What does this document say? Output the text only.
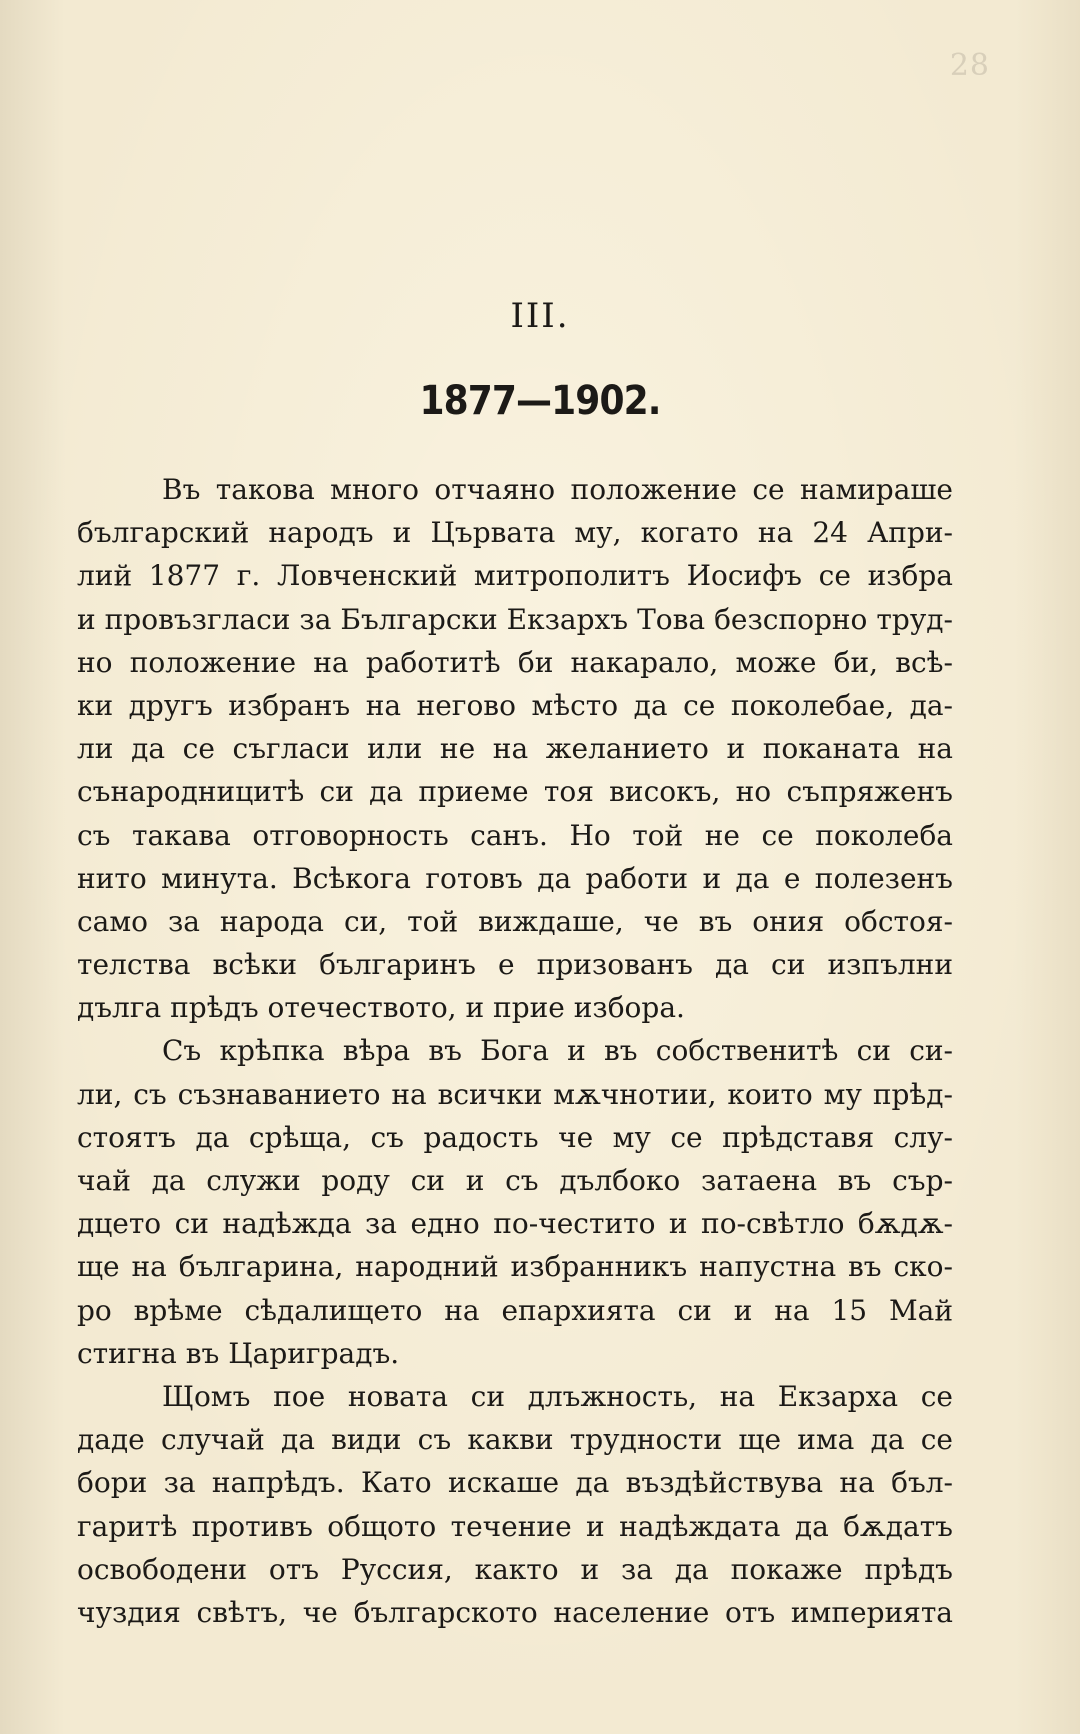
28
III.
1877—1902.
Въ такова много отчаяно положение се намираше
българский народъ и Цървата му, когато на 24 Апри-
лий 1877 г. Ловченский митрополитъ Иосифъ се избра
и провъзгласи за Български Екзархъ Това безспорно труд-
но положение на работитѣ би накарало, може би, всѣ-
ки другъ избранъ на негово мѣсто да се поколебае, да-
ли да се съгласи или не на желанието и поканата на
сънародницитѣ си да приеме тоя високъ, но съпряженъ
съ такава отговорность санъ. Но той не се поколеба
нито минута. Всѣкога готовъ да работи и да е полезенъ
само за народа си, той виждаше, че въ ония обстоя-
телства всѣки българинъ е призованъ да си изпълни
дълга прѣдъ отечеството, и прие избора.
Съ крѣпка вѣра въ Бога и въ собственитѣ си си-
ли, съ съзнаванието на всички мѫчнотии, които му прѣд-
стоятъ да срѣща, съ радость че му се прѣдставя слу-
чай да служи роду си и съ дълбоко затаена въ сър-
дцето си надѣжда за едно по-честито и по-свѣтло бѫдѫ-
ще на българина, народний избранникъ напустна въ ско-
ро врѣме сѣдалището на епархията си и на 15 Май
стигна въ Цариградъ.
Щомъ пое новата си длъжность, на Екзарха се
даде случай да види съ какви трудности ще има да се
бори за напрѣдъ. Като искаше да въздѣйствува на бъл-
гаритѣ противъ общото течение и надѣждата да бѫдатъ
освободени отъ Руссия, както и за да покаже прѣдъ
чуздия свѣтъ, че българското население отъ империята
